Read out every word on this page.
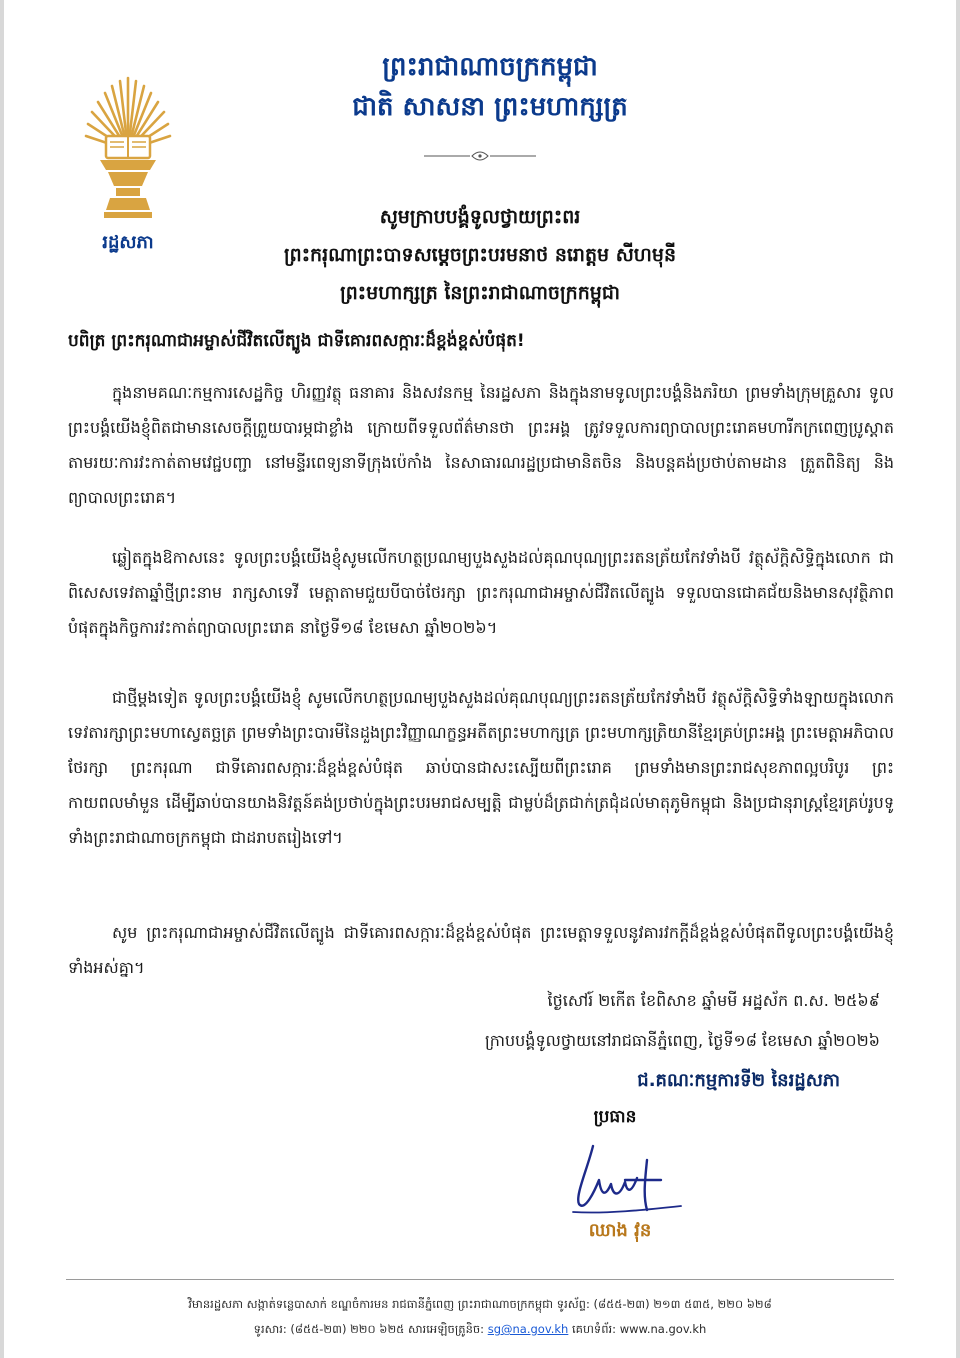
រដ្ឋសភា
ព្រះរាជាណាចក្រកម្ពុជា
ជាតិ សាសនា ព្រះមហាក្សត្រ
សូមក្រាបបង្គំទូលថ្វាយព្រះពរ
ព្រះករុណាព្រះបាទសម្តេចព្រះបរមនាថ នរោត្តម សីហមុនី
ព្រះមហាក្សត្រ នៃព្រះរាជាណាចក្រកម្ពុជា
បពិត្រ ព្រះករុណាជាអម្ចាស់ជីវិតលើត្បូង ជាទីគោរពសក្ការៈដ៏ខ្ពង់ខ្ពស់បំផុត!
ក្នុងនាមគណៈកម្មការសេដ្ឋកិច្ច ហិរញ្ញវត្ថុ ធនាគារ និងសវនកម្ម នៃរដ្ឋសភា និងក្នុងនាមទូលព្រះបង្គំនិងភរិយា ព្រមទាំងក្រុមគ្រួសារ ទូលព្រះបង្គំយើងខ្ញុំពិតជាមានសេចក្តីព្រួយបារម្ភជាខ្លាំង ក្រោយពីទទួលព័ត៌មានថា ព្រះអង្គ ត្រូវទទួលការព្យាបាលព្រះរោគមហារីកក្រពេញប្រូស្តាត តាមរយៈការវះកាត់តាមវេជ្ជបញ្ជា នៅមន្ទីរពេទ្យនាទីក្រុងប៉េកាំង នៃសាធារណរដ្ឋប្រជាមានិតចិន និងបន្តគង់ប្រថាប់តាមដាន ត្រួតពិនិត្យ និងព្យាបាលព្រះរោគ។
ឆ្លៀតក្នុងឱកាសនេះ ទូលព្រះបង្គំយើងខ្ញុំសូមលើកហត្ថប្រណម្យបួងសួងដល់គុណបុណ្យព្រះរតនត្រ័យកែវទាំងបី វត្ថុស័ក្តិសិទ្ធិក្នុងលោក ជាពិសេសទេវតាឆ្នាំថ្មីព្រះនាម រាក្សសាទេវី មេត្តាតាមជួយបីបាច់ថែរក្សា ព្រះករុណាជាអម្ចាស់ជីវិតលើត្បូង ទទួលបានជោគជ័យនិងមានសុវត្ថិភាពបំផុតក្នុងកិច្ចការវះកាត់ព្យាបាលព្រះរោគ នាថ្ងៃទី១៨ ខែមេសា ឆ្នាំ២០២៦។
ជាថ្មីម្តងទៀត ទូលព្រះបង្គំយើងខ្ញុំ សូមលើកហត្ថប្រណម្យបួងសួងដល់គុណបុណ្យព្រះរតនត្រ័យកែវទាំងបី វត្ថុស័ក្តិសិទ្ធិទាំងឡាយក្នុងលោក ទេវតារក្សាព្រះមហាស្វេតច្ឆត្រ ព្រមទាំងព្រះបារមីនៃដួងព្រះវិញ្ញាណក្ខន្ធអតីតព្រះមហាក្សត្រ ព្រះមហាក្សត្រិយានីខ្មែរគ្រប់ព្រះអង្គ ព្រះមេត្តាអភិបាលថែរក្សា ព្រះករុណា ជាទីគោរពសក្ការៈដ៏ខ្ពង់ខ្ពស់បំផុត ឆាប់បានជាសះស្បើយពីព្រះរោគ ព្រមទាំងមានព្រះរាជសុខភាពល្អបរិបូរ ព្រះកាយពលមាំមួន ដើម្បីឆាប់បានយាងនិវត្តន៍គង់ប្រថាប់ក្នុងព្រះបរមរាជសម្បត្តិ ជាម្លប់ដ៏ត្រជាក់ត្រជុំដល់មាតុភូមិកម្ពុជា និងប្រជានុរាស្ត្រខ្មែរគ្រប់រូបទូទាំងព្រះរាជាណាចក្រកម្ពុជា ជាដរាបតរៀងទៅ។
សូម ព្រះករុណាជាអម្ចាស់ជីវិតលើត្បូង ជាទីគោរពសក្ការៈដ៏ខ្ពង់ខ្ពស់បំផុត ព្រះមេត្តាទទួលនូវគារវកក្តីដ៏ខ្ពង់ខ្ពស់បំផុតពីទូលព្រះបង្គំយើងខ្ញុំទាំងអស់គ្នា។
ថ្ងៃសៅរ៍ ២កើត ខែពិសាខ ឆ្នាំមមី អដ្ឋស័ក ព.ស. ២៥៦៩
ក្រាបបង្គំទូលថ្វាយនៅរាជធានីភ្នំពេញ, ថ្ងៃទី១៨ ខែមេសា ឆ្នាំ២០២៦
ជ.គណៈកម្មការទី២ នៃរដ្ឋសភា
ប្រធាន
ឈាង វុន
វិមានរដ្ឋសភា សង្កាត់ទន្លេបាសាក់ ខណ្ឌចំការមន រាជធានីភ្នំពេញ ព្រះរាជាណាចក្រកម្ពុជា ទូរស័ព្ទ: (៨៥៥-២៣) ២១៣ ៥៣៥, ២២០ ៦២៨
ទូរសារ: (៨៥៥-២៣) ២២០ ៦២៥ សារអេឡិចត្រូនិច: sg@na.gov.kh គេហទំព័រ: www.na.gov.kh
